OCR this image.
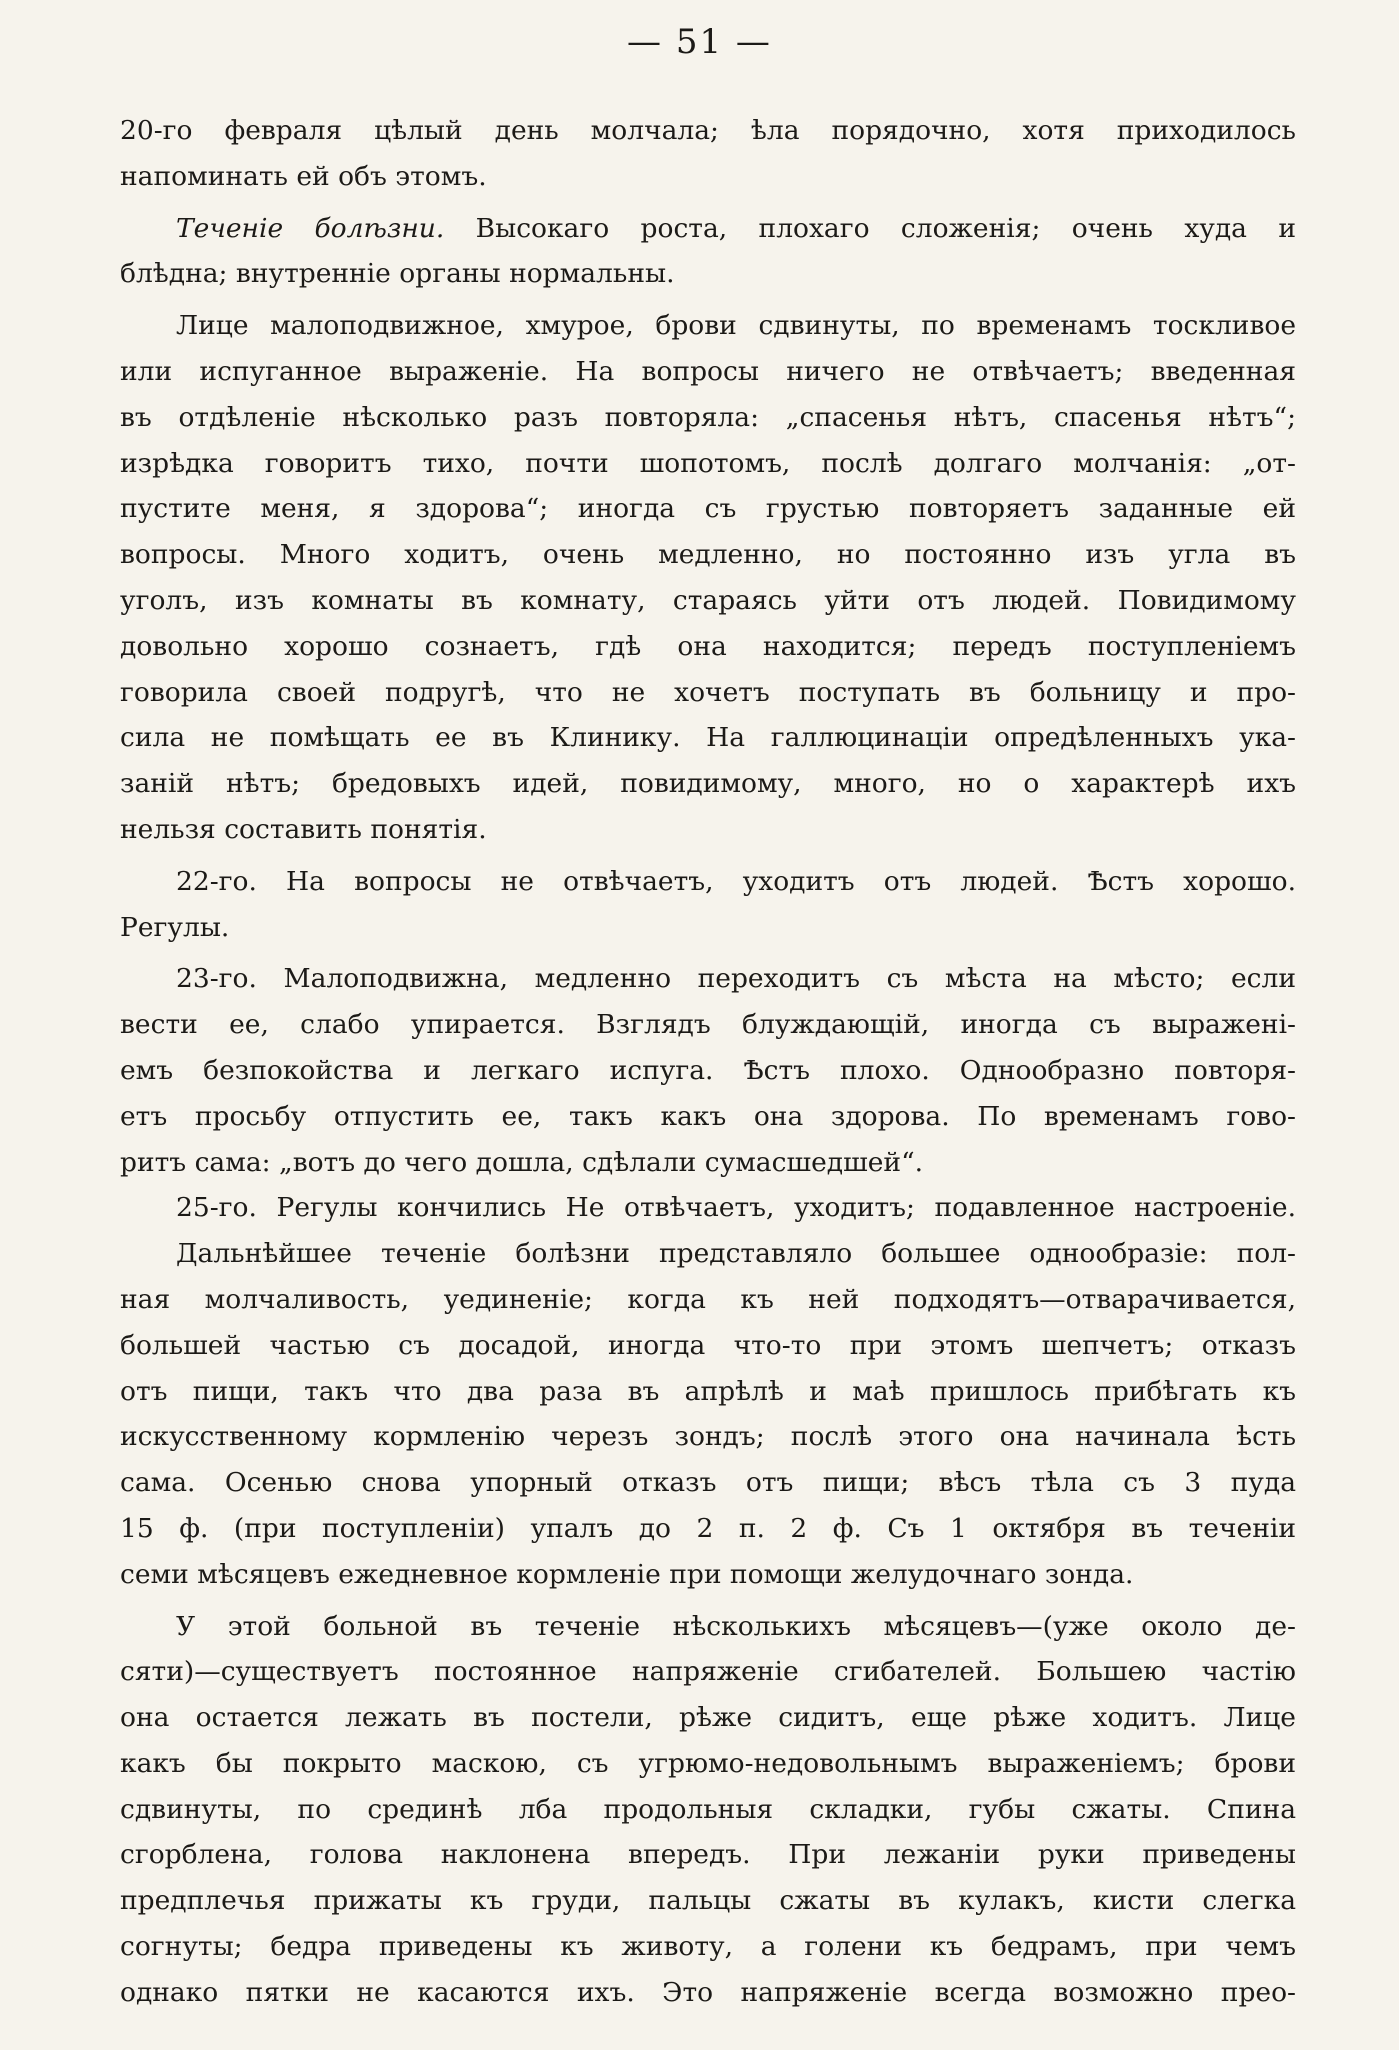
— 51 —
20-го февраля цѣлый день молчала; ѣла порядочно, хотя приходилось
напоминать ей объ этомъ.
Теченіе болѣзни. Высокаго роста, плохаго сложенія; очень худа и
блѣдна; внутренніе органы нормальны.
Лице малоподвижное, хмурое, брови сдвинуты, по временамъ тоскливое
или испуганное выраженіе. На вопросы ничего не отвѣчаетъ; введенная
въ отдѣленіе нѣсколько разъ повторяла: „спасенья нѣтъ, спасенья нѣтъ“;
изрѣдка говоритъ тихо, почти шопотомъ, послѣ долгаго молчанія: „от-
пустите меня, я здорова“; иногда съ грустью повторяетъ заданные ей
вопросы. Много ходитъ, очень медленно, но постоянно изъ угла въ
уголъ, изъ комнаты въ комнату, стараясь уйти отъ людей. Повидимому
довольно хорошо сознаетъ, гдѣ она находится; передъ поступленіемъ
говорила своей подругѣ, что не хочетъ поступать въ больницу и про-
сила не помѣщать ее въ Клинику. На галлюцинаціи опредѣленныхъ ука-
заній нѣтъ; бредовыхъ идей, повидимому, много, но о характерѣ ихъ
нельзя составить понятія.
22-го. На вопросы не отвѣчаетъ, уходитъ отъ людей. Ѣстъ хорошо.
Регулы.
23-го. Малоподвижна, медленно переходитъ съ мѣста на мѣсто; если
вести ее, слабо упирается. Взглядъ блуждающій, иногда съ выраженi-
емъ безпокойства и легкаго испуга. Ѣстъ плохо. Однообразно повторя-
етъ просьбу отпустить ее, такъ какъ она здорова. По временамъ гово-
ритъ сама: „вотъ до чего дошла, сдѣлали сумасшедшей“.
25-го. Регулы кончились Не отвѣчаетъ, уходитъ; подавленное настроеніе.
Дальнѣйшее теченіе болѣзни представляло большее однообразіе: пол-
ная молчаливость, уединеніе; когда къ ней подходятъ—отварачивается,
большей частью съ досадой, иногда что-то при этомъ шепчетъ; отказъ
отъ пищи, такъ что два раза въ апрѣлѣ и маѣ пришлось прибѣгать къ
искусственному кормленію черезъ зондъ; послѣ этого она начинала ѣсть
сама. Осенью снова упорный отказъ отъ пищи; вѣсъ тѣла съ 3 пуда
15 ф. (при поступленіи) упалъ до 2 п. 2 ф. Съ 1 октября въ теченіи
семи мѣсяцевъ ежедневное кормленіе при помощи желудочнаго зонда.
У этой больной въ теченіе нѣсколькихъ мѣсяцевъ—(уже около де-
сяти)—существуетъ постоянное напряженіе сгибателей. Большею частію
она остается лежать въ постели, рѣже сидитъ, еще рѣже ходитъ. Лице
какъ бы покрыто маскою, съ угрюмо-недовольнымъ выраженіемъ; брови
сдвинуты, по срединѣ лба продольныя складки, губы сжаты. Спина
сгорблена, голова наклонена впередъ. При лежаніи руки приведены
предплечья прижаты къ груди, пальцы сжаты въ кулакъ, кисти слегка
согнуты; бедра приведены къ животу, а голени къ бедрамъ, при чемъ
однако пятки не касаются ихъ. Это напряженіе всегда возможно прео-
